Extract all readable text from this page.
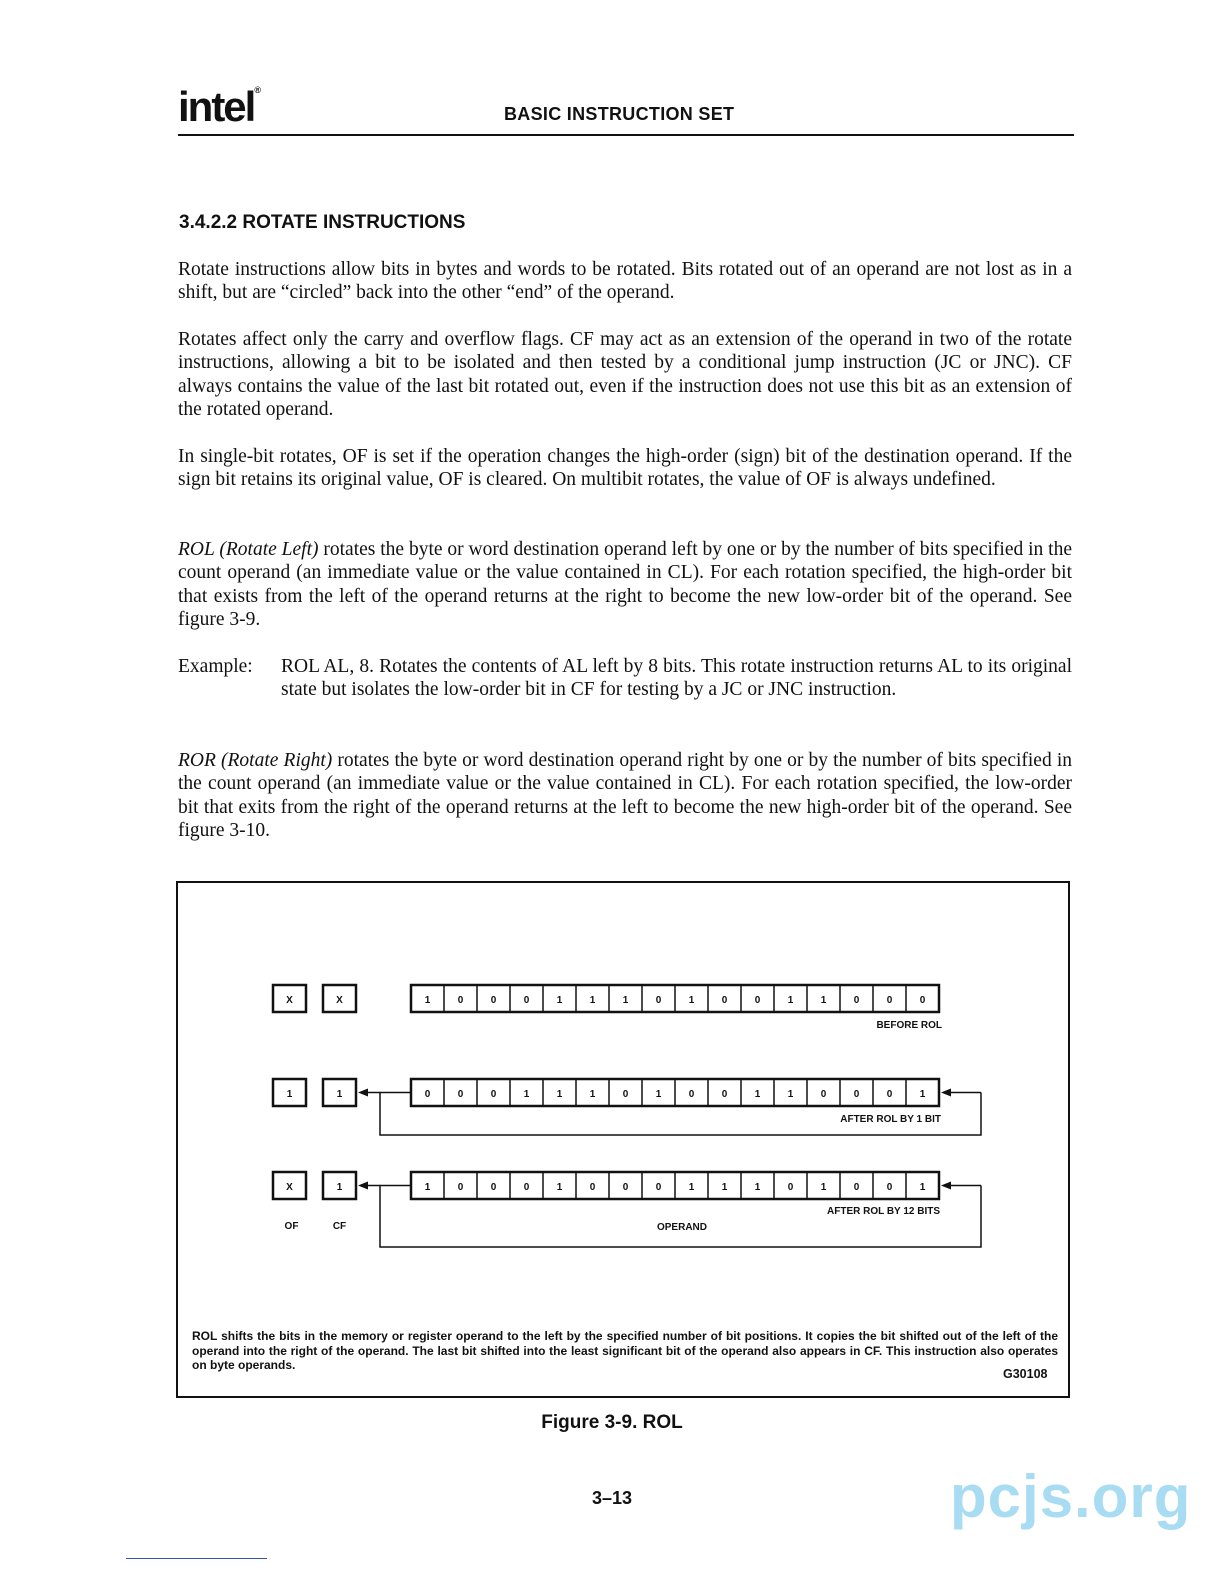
intel®
BASIC INSTRUCTION SET
3.4.2.2 ROTATE INSTRUCTIONS
Rotate instructions allow bits in bytes and words to be rotated. Bits rotated out of an operand are not lost as in a shift, but are “circled” back into the other “end” of the operand.
Rotates affect only the carry and overflow flags. CF may act as an extension of the operand in two of the rotate instructions, allowing a bit to be isolated and then tested by a conditional jump instruction (JC or JNC). CF always contains the value of the last bit rotated out, even if the instruction does not use this bit as an extension of the rotated operand.
In single-bit rotates, OF is set if the operation changes the high-order (sign) bit of the destination operand. If the sign bit retains its original value, OF is cleared. On multibit rotates, the value of OF is always undefined.
ROL (Rotate Left) rotates the byte or word destination operand left by one or by the number of bits specified in the count operand (an immediate value or the value contained in CL). For each rotation specified, the high-order bit that exists from the left of the operand returns at the right to become the new low-order bit of the operand. See figure 3-9.
Example: ROL AL, 8. Rotates the contents of AL left by 8 bits. This rotate instruction returns AL to its original state but isolates the low-order bit in CF for testing by a JC or JNC instruction.
ROR (Rotate Right) rotates the byte or word destination operand right by one or by the number of bits specified in the count operand (an immediate value or the value contained in CL). For each rotation specified, the low-order bit that exits from the right of the operand returns at the left to become the new high-order bit of the operand. See figure 3-10.
X	X	1	0	0	0	1	1	1	0	1	0	0	1	1	0	0	0
BEFORE ROL
1	1	0	0	0	1	1	1	0	1	0	0	1	1	0	0	0	1
AFTER ROL BY 1 BIT
X	1	1	0	0	0	1	0	0	0	1	1	1	0	1	0	0	1
AFTER ROL BY 12 BITS
OF	CF	OPERAND
ROL shifts the bits in the memory or register operand to the left by the specified number of bit positions. It copies the bit shifted out of the left of the operand into the right of the operand. The last bit shifted into the least significant bit of the operand also appears in CF. This instruction also operates on byte operands.
G30108
Figure 3-9. ROL
3–13	pcjs.org
